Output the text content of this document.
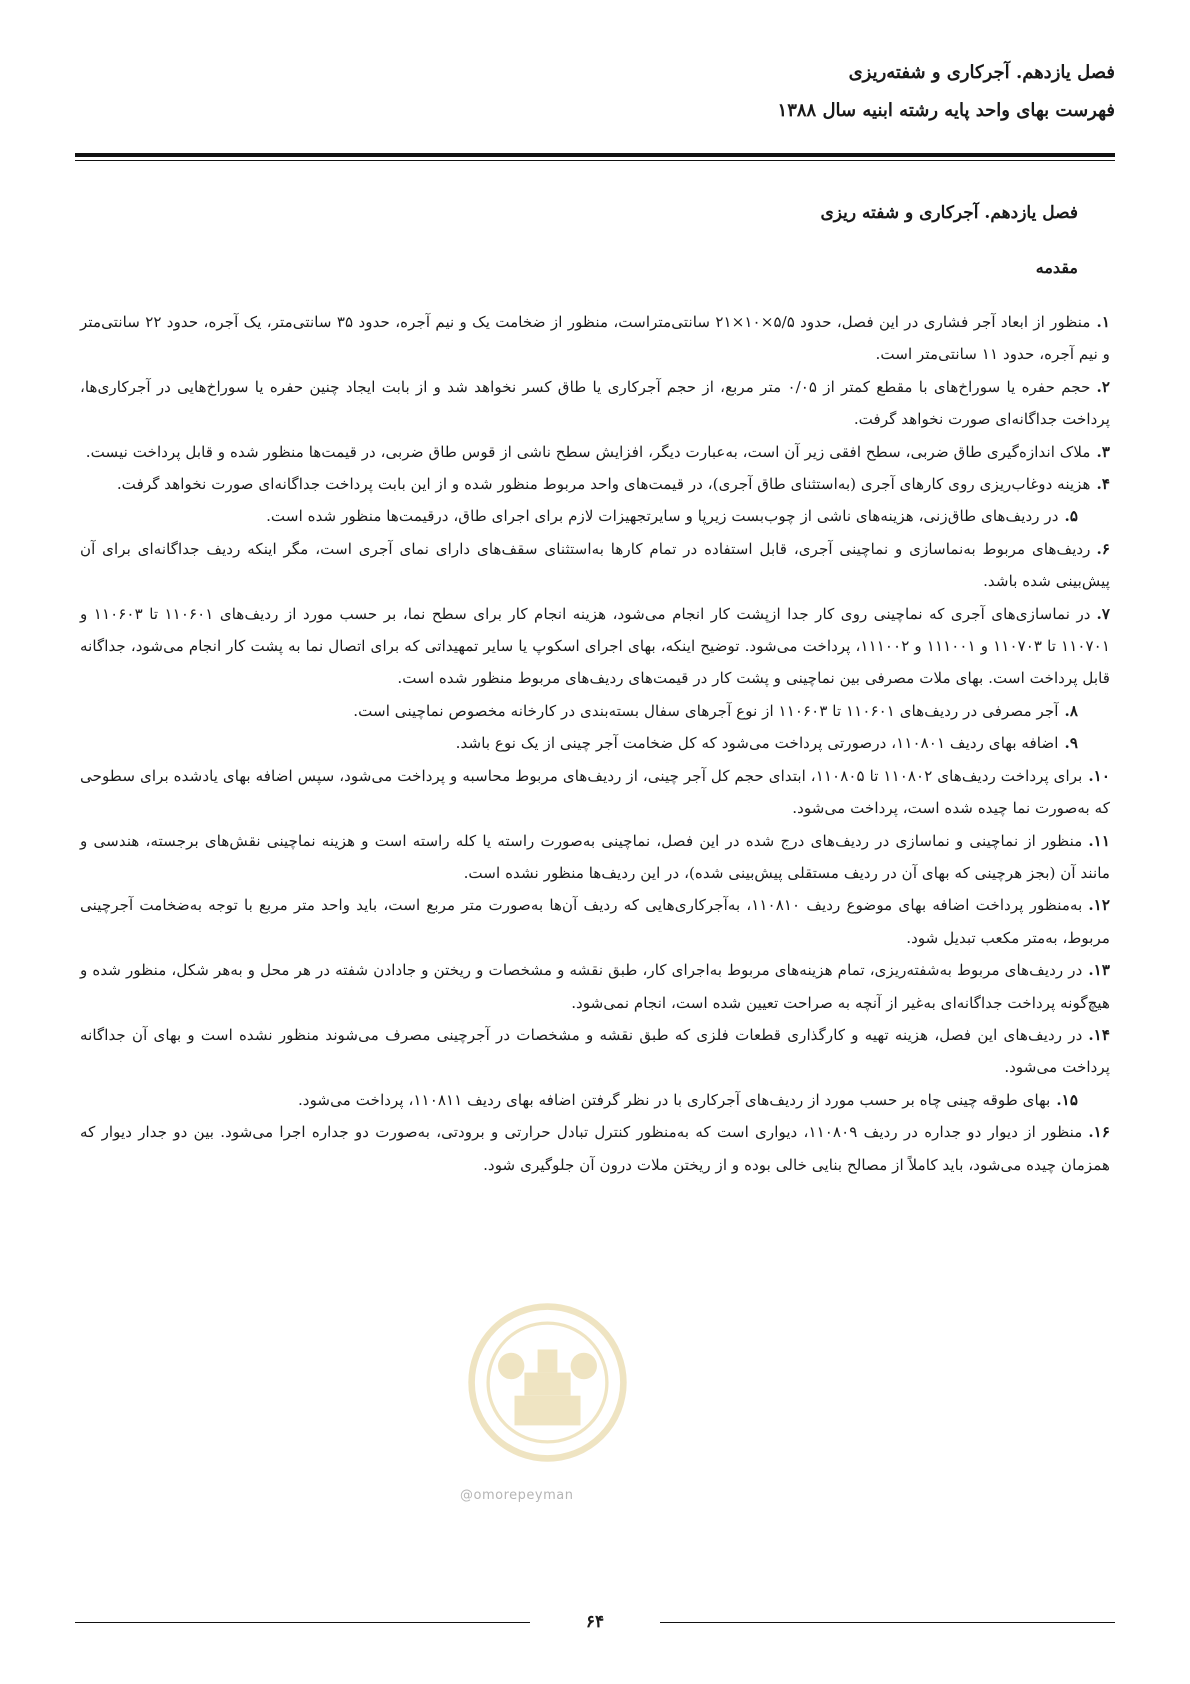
فصل یازدهم. آجرکاری و شفته‌ریزی
فهرست بهای واحد پایه رشته ابنیه سال ۱۳۸۸
فصل یازدهم. آجرکاری و شفته ریزی
مقدمه
۱.منظور از ابعاد آجر فشاری در این فصل، حدود ۵/۵×۱۰×۲۱ سانتی‌متراست، منظور از ضخامت یک و نیم آجره، حدود ۳۵ سانتی‌متر، یک آجره، حدود ۲۲ سانتی‌متر و نیم آجره، حدود ۱۱ سانتی‌متر است.
۲.حجم حفره یا سوراخ‌های با مقطع کمتر از ۰/۰۵ متر مربع، از حجم آجرکاری یا طاق کسر نخواهد شد و از بابت ایجاد چنین حفره یا سوراخ‌هایی در آجرکاری‌ها، پرداخت جداگانه‌ای صورت نخواهد گرفت.
۳.ملاک اندازه‌گیری طاق ضربی، سطح افقی زیر آن است، به‌عبارت دیگر، افزایش سطح ناشی از قوس طاق ضربی، در قیمت‌ها منظور شده و قابل پرداخت نیست.
۴.هزینه دوغاب‌ریزی روی کارهای آجری (به‌استثنای طاق آجری)، در قیمت‌های واحد مربوط منظور شده و از این بابت پرداخت جداگانه‌ای صورت نخواهد گرفت.
۵.در ردیف‌های طاق‌زنی، هزینه‌های ناشی از چوب‌بست زیرپا و سایرتجهیزات لازم برای اجرای طاق، درقیمت‌ها منظور شده است.
۶.ردیف‌های مربوط به‌نماسازی و نماچینی آجری، قابل استفاده در تمام کارها به‌استثنای سقف‌های دارای نمای آجری است، مگر اینکه ردیف جداگانه‌ای برای آن پیش‌بینی شده باشد.
۷.در نماسازی‌های آجری که نماچینی روی کار جدا ازپشت کار انجام می‌شود، هزینه انجام کار برای سطح نما، بر حسب مورد از ردیف‌های ۱۱۰۶۰۱ تا ۱۱۰۶۰۳ و ۱۱۰۷۰۱ تا ۱۱۰۷۰۳ و ۱۱۱۰۰۱ و ۱۱۱۰۰۲، پرداخت می‌شود. توضیح اینکه، بهای اجرای اسکوپ یا سایر تمهیداتی که برای اتصال نما به پشت کار انجام می‌شود، جداگانه قابل پرداخت است. بهای ملات مصرفی بین نماچینی و پشت کار در قیمت‌های ردیف‌های مربوط منظور شده است.
۸.آجر مصرفی در ردیف‌های ۱۱۰۶۰۱ تا ۱۱۰۶۰۳ از نوع آجرهای سفال بسته‌بندی در کارخانه مخصوص نماچینی است.
۹.اضافه بهای ردیف ۱۱۰۸۰۱، درصورتی پرداخت می‌شود که کل ضخامت آجر چینی از یک نوع باشد.
۱۰.برای پرداخت ردیف‌های ۱۱۰۸۰۲ تا ۱۱۰۸۰۵، ابتدای حجم کل آجر چینی، از ردیف‌های مربوط محاسبه و پرداخت می‌شود، سپس اضافه بهای یادشده برای سطوحی که به‌صورت نما چیده شده است، پرداخت می‌شود.
۱۱.منظور از نماچینی و نماسازی در ردیف‌های درج شده در این فصل، نماچینی به‌صورت راسته یا کله راسته است و هزینه نماچینی نقش‌های برجسته، هندسی و مانند آن (بجز هرچینی که بهای آن در ردیف مستقلی پیش‌بینی شده)، در این ردیف‌ها منظور نشده است.
۱۲.به‌منظور پرداخت اضافه بهای موضوع ردیف ۱۱۰۸۱۰، به‌آجرکاری‌هایی که ردیف آن‌ها به‌صورت متر مربع است، باید واحد متر مربع با توجه به‌ضخامت آجرچینی مربوط، به‌متر مکعب تبدیل شود.
۱۳.در ردیف‌های مربوط به‌شفته‌ریزی، تمام هزینه‌های مربوط به‌اجرای کار، طبق نقشه و مشخصات و ریختن و جادادن شفته در هر محل و به‌هر شکل، منظور شده و هیچ‌گونه پرداخت جداگانه‌ای به‌غیر از آنچه به صراحت تعیین شده است، انجام نمی‌شود.
۱۴.در ردیف‌های این فصل، هزینه تهیه و کارگذاری قطعات فلزی که طبق نقشه و مشخصات در آجرچینی مصرف می‌شوند منظور نشده است و بهای آن جداگانه پرداخت می‌شود.
۱۵.بهای طوقه چینی چاه بر حسب مورد از ردیف‌های آجرکاری با در نظر گرفتن اضافه بهای ردیف ۱۱۰۸۱۱، پرداخت می‌شود.
۱۶.منظور از دیوار دو جداره در ردیف ۱۱۰۸۰۹، دیواری است که به‌منظور کنترل تبادل حرارتی و برودتی، به‌صورت دو جداره اجرا می‌شود. بین دو جدار دیوار که همزمان چیده می‌شود، باید کاملاً از مصالح بنایی خالی بوده و از ریختن ملات درون آن جلوگیری شود.
@omorepeyman
۶۴
